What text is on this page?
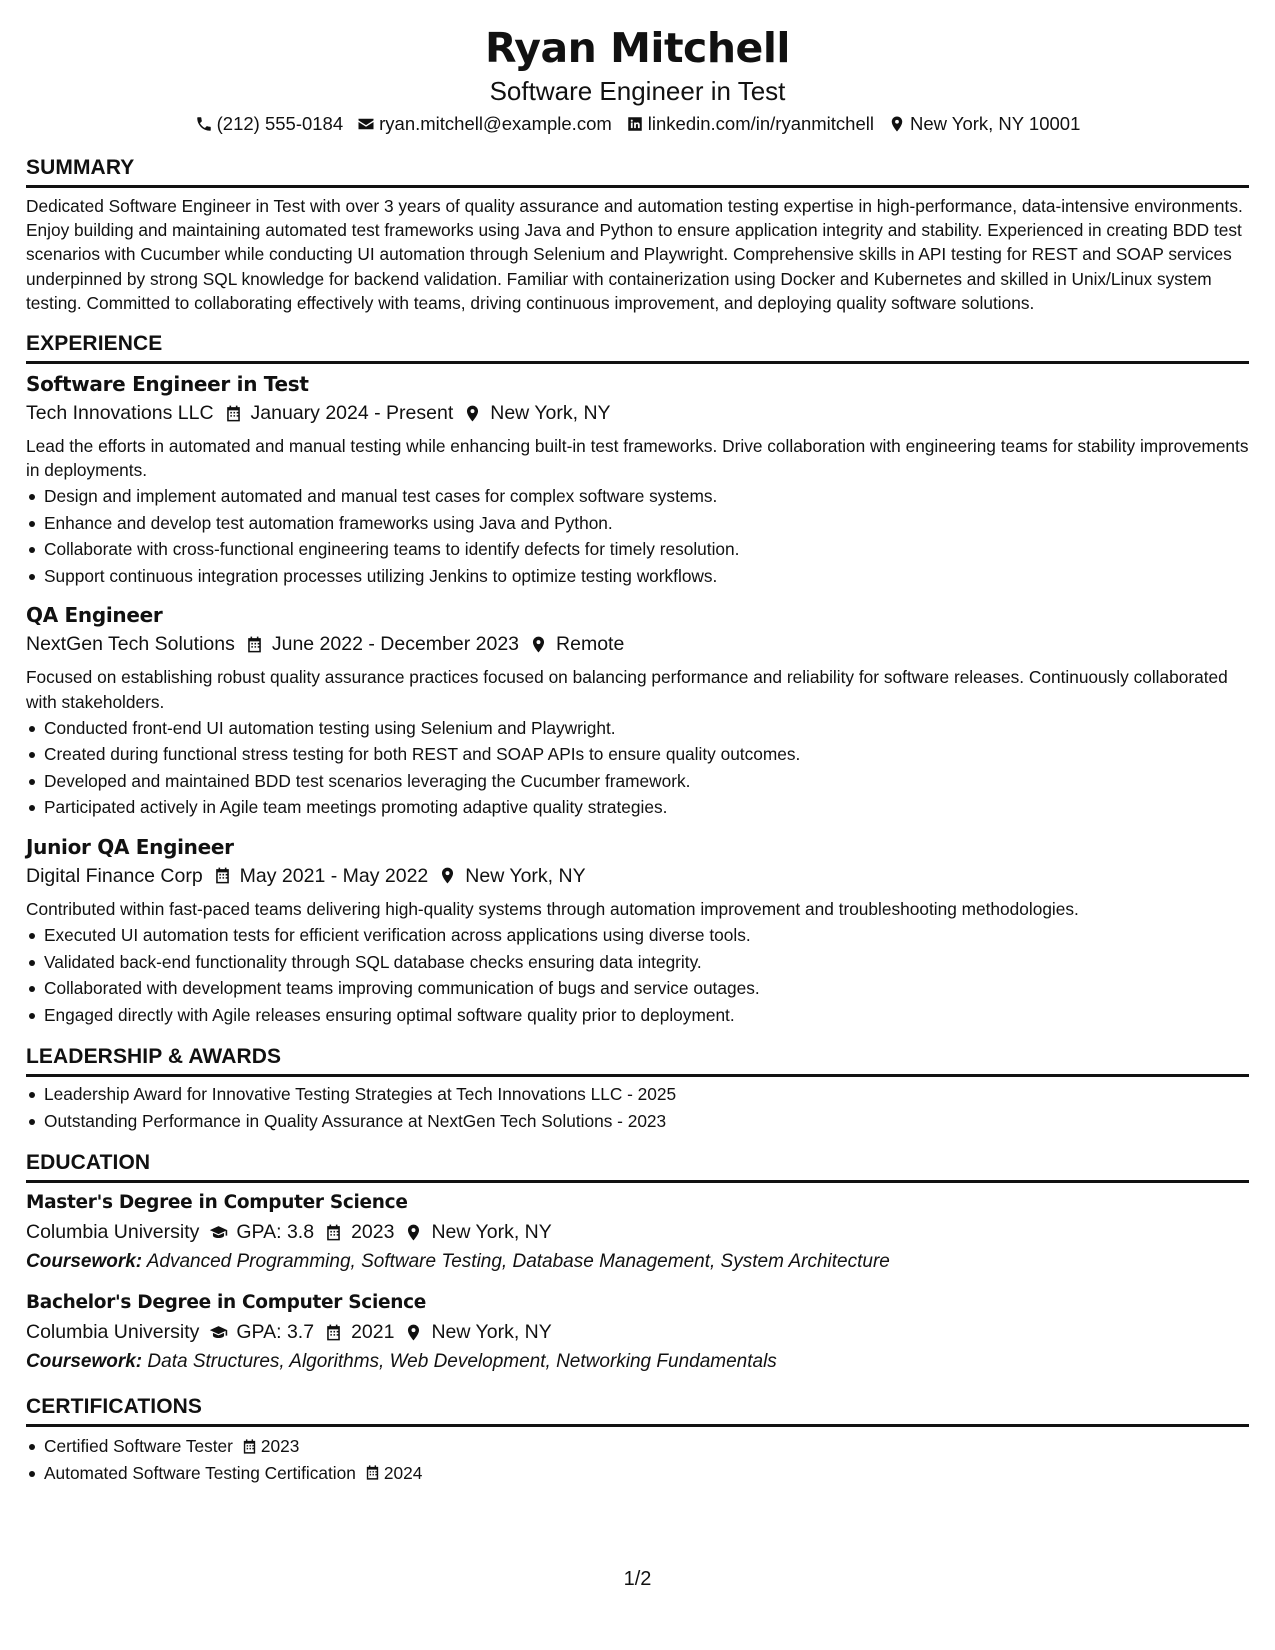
Ryan Mitchell
Software Engineer in Test
(212) 555-0184 ryan.mitchell@example.com linkedin.com/in/ryanmitchell New York, NY 10001
SUMMARY
Dedicated Software Engineer in Test with over 3 years of quality assurance and automation testing expertise in high-performance, data-intensive environments. Enjoy building and maintaining automated test frameworks using Java and Python to ensure application integrity and stability. Experienced in creating BDD test scenarios with Cucumber while conducting UI automation through Selenium and Playwright. Comprehensive skills in API testing for REST and SOAP services underpinned by strong SQL knowledge for backend validation. Familiar with containerization using Docker and Kubernetes and skilled in Unix/Linux system testing. Committed to collaborating effectively with teams, driving continuous improvement, and deploying quality software solutions.
EXPERIENCE
Software Engineer in Test
Tech Innovations LLC January 2024 - Present New York, NY
Lead the efforts in automated and manual testing while enhancing built-in test frameworks. Drive collaboration with engineering teams for stability improvements in deployments.
Design and implement automated and manual test cases for complex software systems.
Enhance and develop test automation frameworks using Java and Python.
Collaborate with cross-functional engineering teams to identify defects for timely resolution.
Support continuous integration processes utilizing Jenkins to optimize testing workflows.
QA Engineer
NextGen Tech Solutions June 2022 - December 2023 Remote
Focused on establishing robust quality assurance practices focused on balancing performance and reliability for software releases. Continuously collaborated with stakeholders.
Conducted front-end UI automation testing using Selenium and Playwright.
Created during functional stress testing for both REST and SOAP APIs to ensure quality outcomes.
Developed and maintained BDD test scenarios leveraging the Cucumber framework.
Participated actively in Agile team meetings promoting adaptive quality strategies.
Junior QA Engineer
Digital Finance Corp May 2021 - May 2022 New York, NY
Contributed within fast-paced teams delivering high-quality systems through automation improvement and troubleshooting methodologies.
Executed UI automation tests for efficient verification across applications using diverse tools.
Validated back-end functionality through SQL database checks ensuring data integrity.
Collaborated with development teams improving communication of bugs and service outages.
Engaged directly with Agile releases ensuring optimal software quality prior to deployment.
LEADERSHIP & AWARDS
Leadership Award for Innovative Testing Strategies at Tech Innovations LLC - 2025
Outstanding Performance in Quality Assurance at NextGen Tech Solutions - 2023
EDUCATION
Master's Degree in Computer Science
Columbia University GPA: 3.8 2023 New York, NY
Coursework: Advanced Programming, Software Testing, Database Management, System Architecture
Bachelor's Degree in Computer Science
Columbia University GPA: 3.7 2021 New York, NY
Coursework: Data Structures, Algorithms, Web Development, Networking Fundamentals
CERTIFICATIONS
Certified Software Tester 2023
Automated Software Testing Certification 2024
1/2
